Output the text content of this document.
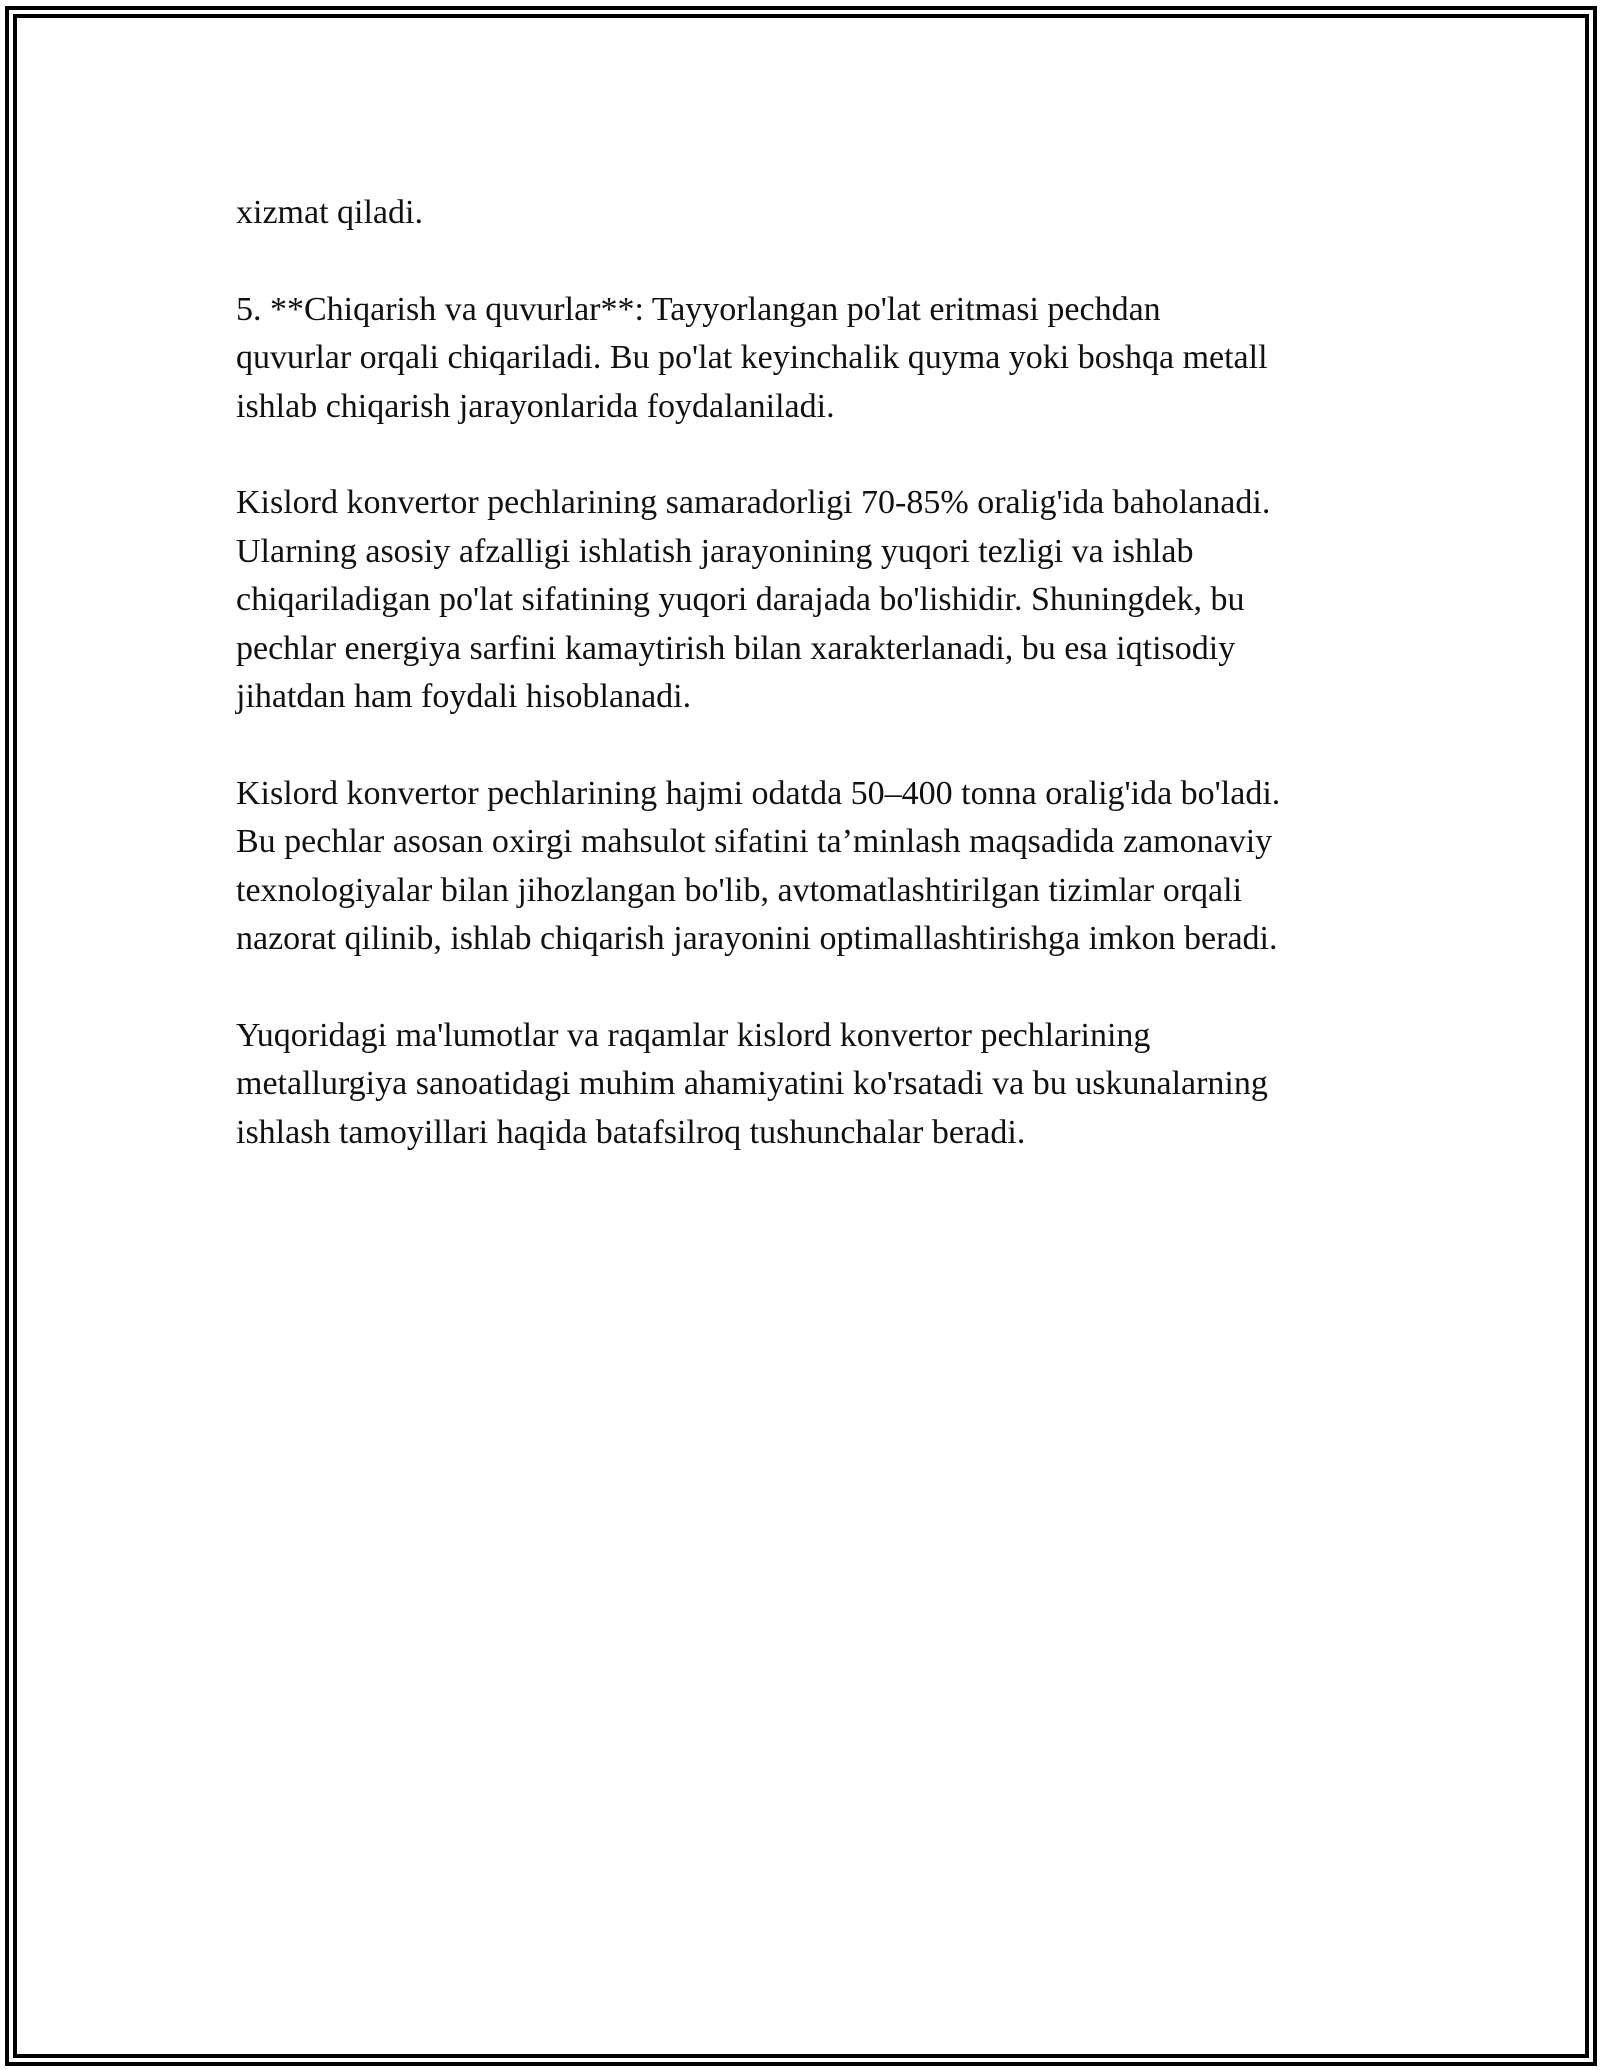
xizmat qiladi.

5. **Chiqarish va quvurlar**: Tayyorlangan po'lat eritmasi pechdan
quvurlar orqali chiqariladi. Bu po'lat keyinchalik quyma yoki boshqa metall
ishlab chiqarish jarayonlarida foydalaniladi.

Kislord konvertor pechlarining samaradorligi 70-85% oralig'ida baholanadi.
Ularning asosiy afzalligi ishlatish jarayonining yuqori tezligi va ishlab
chiqariladigan po'lat sifatining yuqori darajada bo'lishidir. Shuningdek, bu
pechlar energiya sarfini kamaytirish bilan xarakterlanadi, bu esa iqtisodiy
jihatdan ham foydali hisoblanadi.

Kislord konvertor pechlarining hajmi odatda 50–400 tonna oralig'ida bo'ladi.
Bu pechlar asosan oxirgi mahsulot sifatini ta’minlash maqsadida zamonaviy
texnologiyalar bilan jihozlangan bo'lib, avtomatlashtirilgan tizimlar orqali
nazorat qilinib, ishlab chiqarish jarayonini optimallashtirishga imkon beradi.

Yuqoridagi ma'lumotlar va raqamlar kislord konvertor pechlarining
metallurgiya sanoatidagi muhim ahamiyatini ko'rsatadi va bu uskunalarning
ishlash tamoyillari haqida batafsilroq tushunchalar beradi.
